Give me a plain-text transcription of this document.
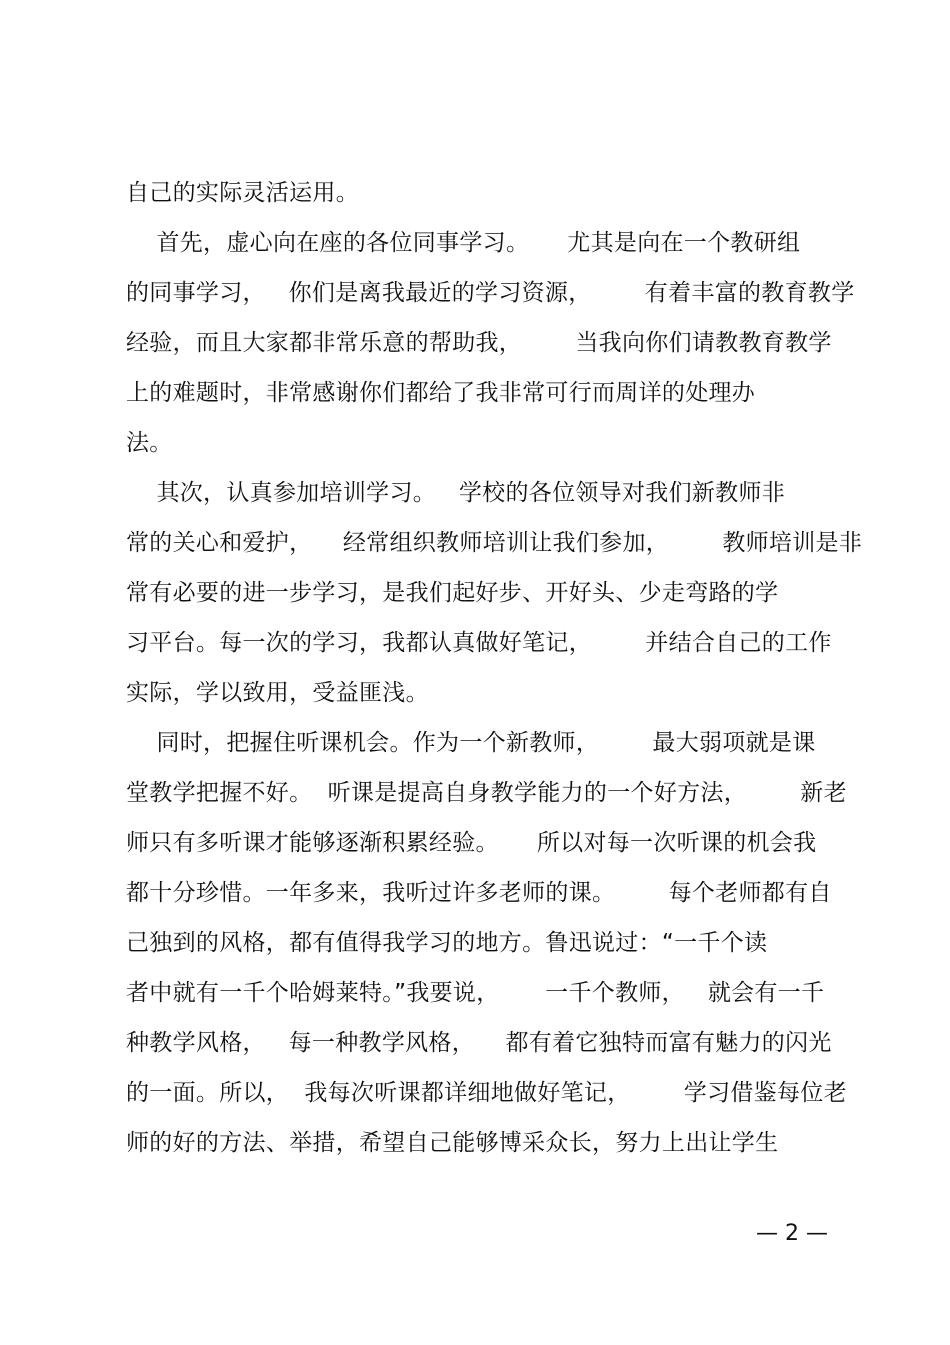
自己的实际灵活运用。
首先，虚心向在座的各位同事学习。     尤其是向在一个教研组
的同事学习，   你们是离我最近的学习资源，       有着丰富的教育教学
经验，而且大家都非常乐意的帮助我，       当我向你们请教教育教学
上的难题时，非常感谢你们都给了我非常可行而周详的处理办
法。
其次，认真参加培训学习。   学校的各位领导对我们新教师非
常的关心和爱护，    经常组织教师培训让我们参加，       教师培训是非
常有必要的进一步学习，是我们起好步、开好头、少走弯路的学
习平台。每一次的学习，我都认真做好笔记，       并结合自己的工作
实际，学以致用，受益匪浅。
同时，把握住听课机会。作为一个新教师，       最大弱项就是课
堂教学把握不好。  听课是提高自身教学能力的一个好方法，       新老
师只有多听课才能够逐渐积累经验。     所以对每一次听课的机会我
都十分珍惜。一年多来，我听过许多老师的课。       每个老师都有自
己独到的风格，都有值得我学习的地方。鲁迅说过：“一千个读
者中就有一千个哈姆莱特。”我要说，      一千个教师，   就会有一千
种教学风格，   每一种教学风格，    都有着它独特而富有魅力的闪光
的一面。所以，  我每次听课都详细地做好笔记，       学习借鉴每位老
师的好的方法、举措，希望自己能够博采众长，努力上出让学生
— 2 —
